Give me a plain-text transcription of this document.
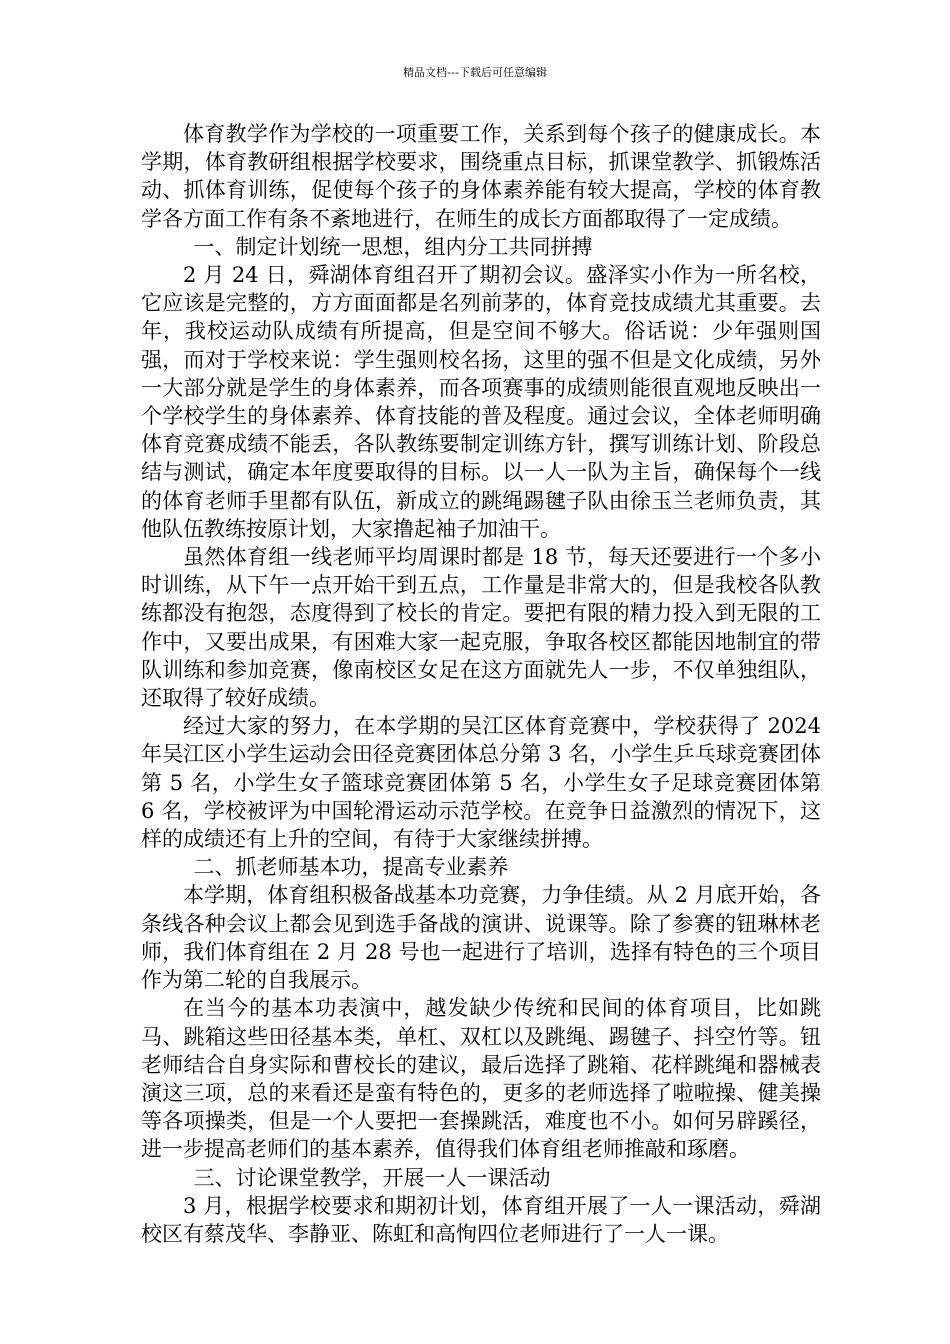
精品文档---下载后可任意编辑

体育教学作为学校的一项重要工作，关系到每个孩子的健康成长。本学期，体育教研组根据学校要求，围绕重点目标，抓课堂教学、抓锻炼活动、抓体育训练，促使每个孩子的身体素养能有较大提高，学校的体育教学各方面工作有条不紊地进行，在师生的成长方面都取得了一定成绩。

一、制定计划统一思想，组内分工共同拼搏

2 月 24 日，舜湖体育组召开了期初会议。盛泽实小作为一所名校，它应该是完整的，方方面面都是名列前茅的，体育竞技成绩尤其重要。去年，我校运动队成绩有所提高，但是空间不够大。俗话说：少年强则国强，而对于学校来说：学生强则校名扬，这里的强不但是文化成绩，另外一大部分就是学生的身体素养，而各项赛事的成绩则能很直观地反映出一个学校学生的身体素养、体育技能的普及程度。通过会议，全体老师明确体育竞赛成绩不能丢，各队教练要制定训练方针，撰写训练计划、阶段总结与测试，确定本年度要取得的目标。以一人一队为主旨，确保每个一线的体育老师手里都有队伍，新成立的跳绳踢毽子队由徐玉兰老师负责，其他队伍教练按原计划，大家撸起袖子加油干。

虽然体育组一线老师平均周课时都是 18 节，每天还要进行一个多小时训练，从下午一点开始干到五点，工作量是非常大的，但是我校各队教练都没有抱怨，态度得到了校长的肯定。要把有限的精力投入到无限的工作中，又要出成果，有困难大家一起克服，争取各校区都能因地制宜的带队训练和参加竞赛，像南校区女足在这方面就先人一步，不仅单独组队，还取得了较好成绩。

经过大家的努力，在本学期的吴江区体育竞赛中，学校获得了 2024 年吴江区小学生运动会田径竞赛团体总分第 3 名，小学生乒乓球竞赛团体第 5 名，小学生女子篮球竞赛团体第 5 名，小学生女子足球竞赛团体第 6 名，学校被评为中国轮滑运动示范学校。在竞争日益激烈的情况下，这样的成绩还有上升的空间，有待于大家继续拼搏。

二、抓老师基本功，提高专业素养

本学期，体育组积极备战基本功竞赛，力争佳绩。从 2 月底开始，各条线各种会议上都会见到选手备战的演讲、说课等。除了参赛的钮琳林老师，我们体育组在 2 月 28 号也一起进行了培训，选择有特色的三个项目作为第二轮的自我展示。

在当今的基本功表演中，越发缺少传统和民间的体育项目，比如跳马、跳箱这些田径基本类，单杠、双杠以及跳绳、踢毽子、抖空竹等。钮老师结合自身实际和曹校长的建议，最后选择了跳箱、花样跳绳和器械表演这三项，总的来看还是蛮有特色的，更多的老师选择了啦啦操、健美操等各项操类，但是一个人要把一套操跳活，难度也不小。如何另辟蹊径，进一步提高老师们的基本素养，值得我们体育组老师推敲和琢磨。

三、讨论课堂教学，开展一人一课活动

3 月，根据学校要求和期初计划，体育组开展了一人一课活动，舜湖校区有蔡茂华、李静亚、陈虹和高恂四位老师进行了一人一课。
